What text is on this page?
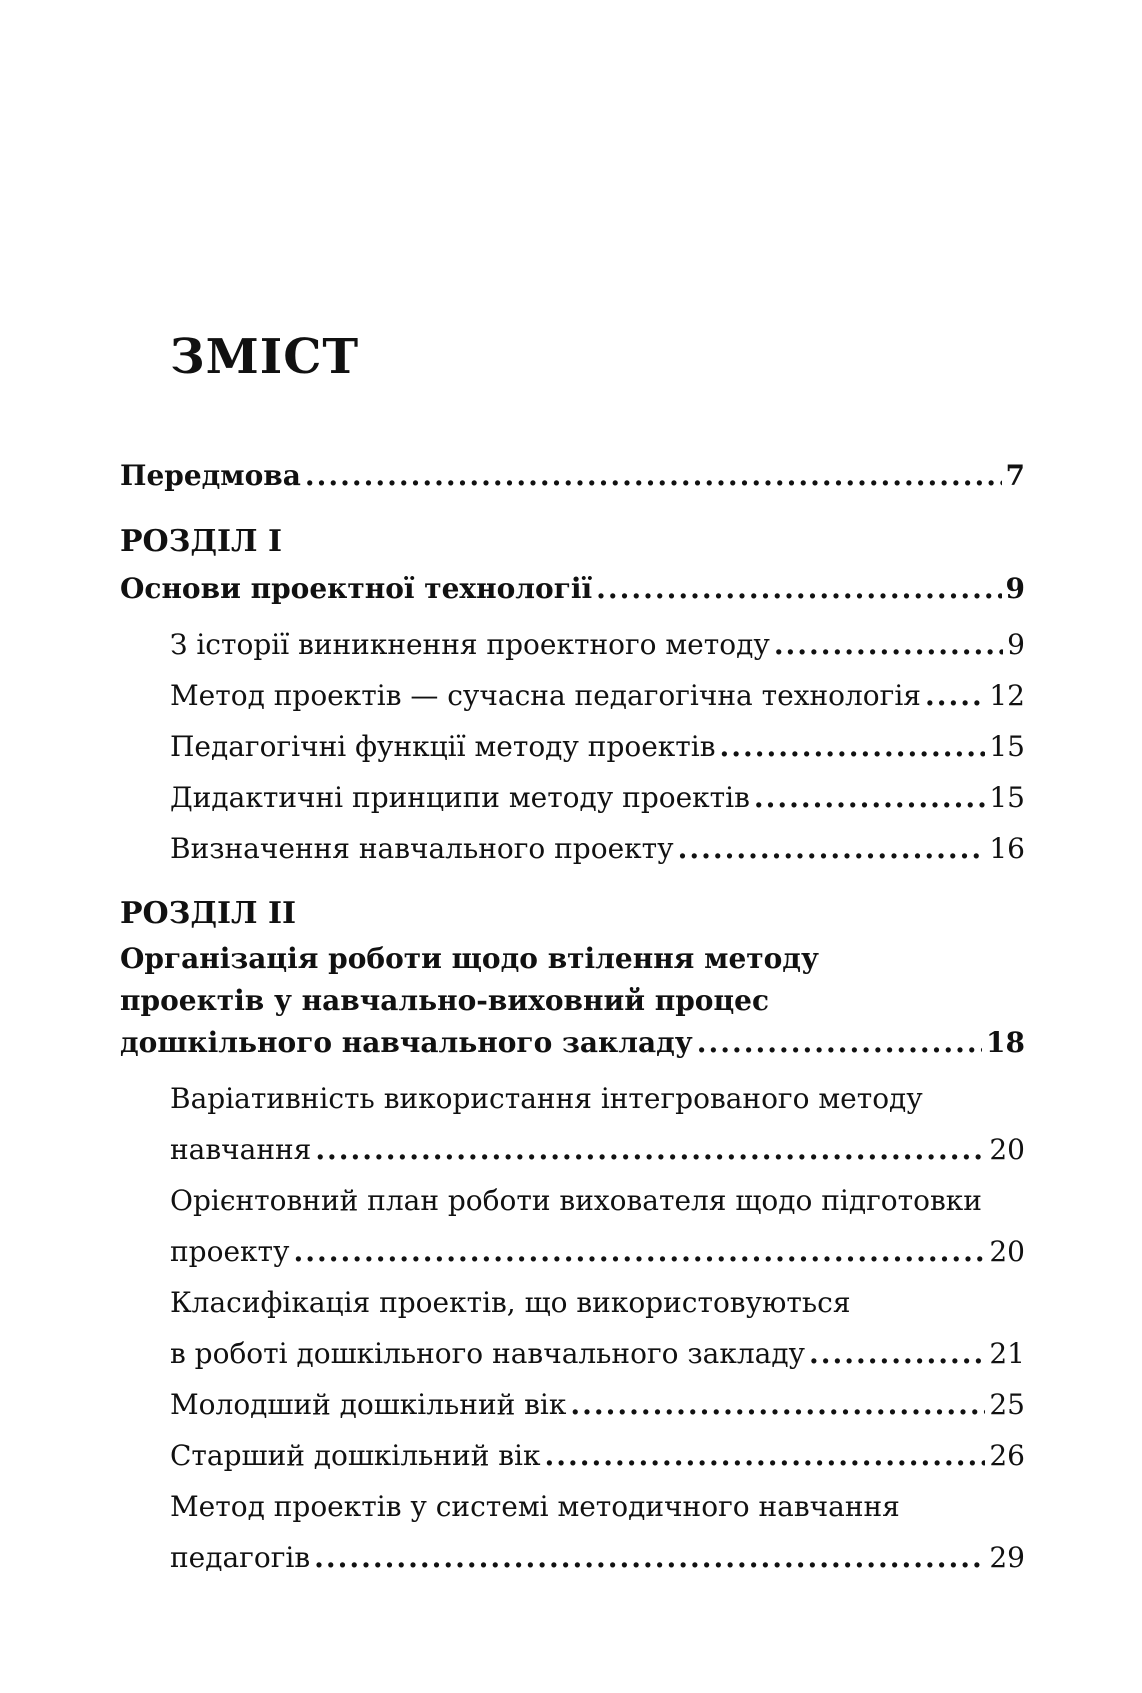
ЗМІСТ
Передмова .....	7
РОЗДІЛ І
Основи проектної технології .....	9
З історії виникнення проектного методу .....	9
Метод проектів — сучасна педагогічна технологія ..... 12
Педагогічні функції методу проектів .....	15
Дидактичні принципи методу проектів .....	15
Визначення навчального проекту .....	16
РОЗДІЛ ІІ
Організація роботи щодо втілення методу
проектів у навчально-виховний процес
дошкільного навчального закладу .....	18
Варіативність використання інтегрованого методу
навчання .....	20
Орієнтовний план роботи вихователя щодо підготовки
проекту .....	20
Класифікація проектів, що використовуються
в роботі дошкільного навчального закладу .....	21
Молодший дошкільний вік .....	25
Старший дошкільний вік .....	26
Метод проектів у системі методичного навчання
педагогів .....	29
